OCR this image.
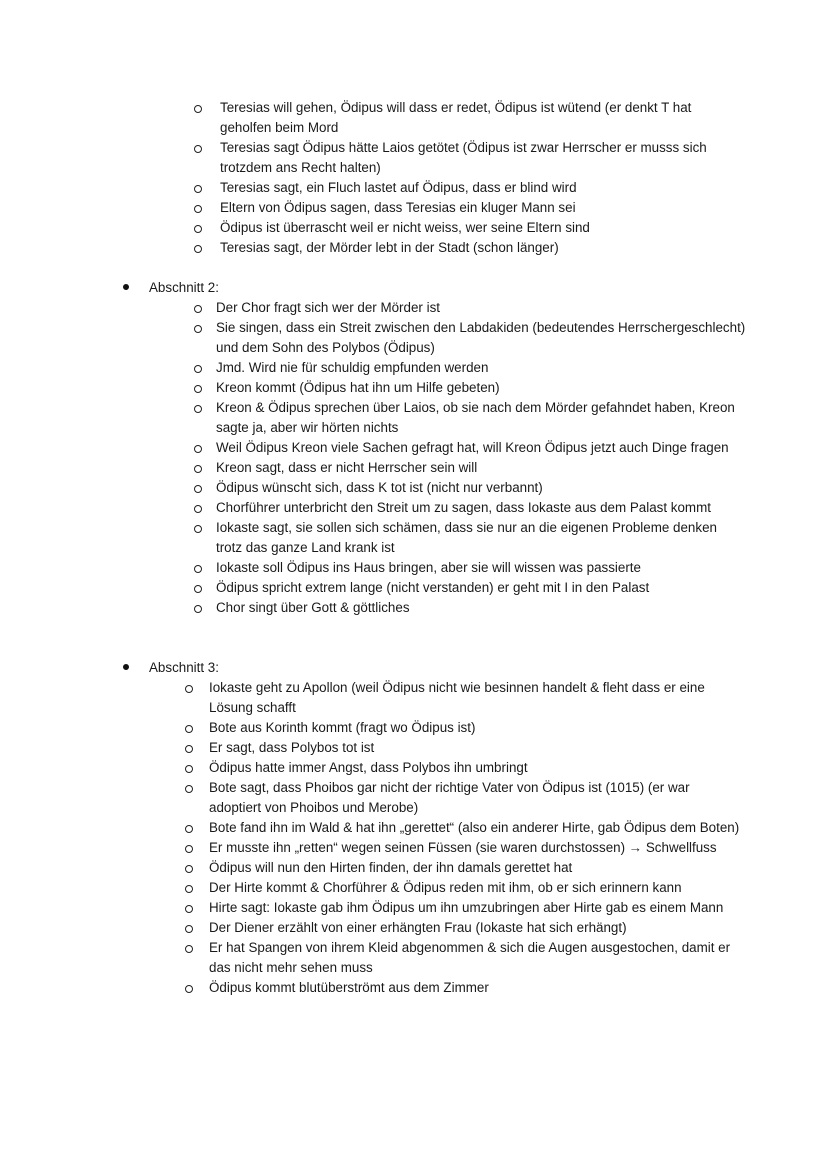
Teresias will gehen, Ödipus will dass er redet, Ödipus ist wütend (er denkt T hat geholfen beim Mord
Teresias sagt Ödipus hätte Laios getötet (Ödipus ist zwar Herrscher er musss sich trotzdem ans Recht halten)
Teresias sagt, ein Fluch lastet auf Ödipus, dass er blind wird
Eltern von Ödipus sagen, dass Teresias ein kluger Mann sei
Ödipus ist überrascht weil er nicht weiss, wer seine Eltern sind
Teresias sagt, der Mörder lebt in der Stadt (schon länger)
Abschnitt 2:
Der Chor fragt sich wer der Mörder ist
Sie singen, dass ein Streit zwischen den Labdakiden (bedeutendes Herrschergeschlecht) und dem Sohn des Polybos (Ödipus)
Jmd. Wird nie für schuldig empfunden werden
Kreon kommt (Ödipus hat ihn um Hilfe gebeten)
Kreon & Ödipus sprechen über Laios, ob sie nach dem Mörder gefahndet haben, Kreon sagte ja, aber wir hörten nichts
Weil Ödipus Kreon viele Sachen gefragt hat, will Kreon Ödipus jetzt auch Dinge fragen
Kreon sagt, dass er nicht Herrscher sein will
Ödipus wünscht sich, dass K tot ist (nicht nur verbannt)
Chorführer unterbricht den Streit um zu sagen, dass Iokaste aus dem Palast kommt
Iokaste sagt, sie sollen sich schämen, dass sie nur an die eigenen Probleme denken trotz das ganze Land krank ist
Iokaste soll Ödipus ins Haus bringen, aber sie will wissen was passierte
Ödipus spricht extrem lange (nicht verstanden) er geht mit I in den Palast
Chor singt über Gott & göttliches
Abschnitt 3:
Iokaste geht zu Apollon (weil Ödipus nicht wie besinnen handelt & fleht dass er eine Lösung schafft
Bote aus Korinth kommt (fragt wo Ödipus ist)
Er sagt, dass Polybos tot ist
Ödipus hatte immer Angst, dass Polybos ihn umbringt
Bote sagt, dass Phoibos gar nicht der richtige Vater von Ödipus ist (1015) (er war adoptiert von Phoibos und Merobe)
Bote fand ihn im Wald & hat ihn „gerettet“ (also ein anderer Hirte, gab Ödipus dem Boten)
Er musste ihn „retten“ wegen seinen Füssen (sie waren durchstossen) → Schwellfuss
Ödipus will nun den Hirten finden, der ihn damals gerettet hat
Der Hirte kommt & Chorführer & Ödipus reden mit ihm, ob er sich erinnern kann
Hirte sagt: Iokaste gab ihm Ödipus um ihn umzubringen aber Hirte gab es einem Mann
Der Diener erzählt von einer erhängten Frau (Iokaste hat sich erhängt)
Er hat Spangen von ihrem Kleid abgenommen & sich die Augen ausgestochen, damit er das nicht mehr sehen muss
Ödipus kommt blutüberströmt aus dem Zimmer
